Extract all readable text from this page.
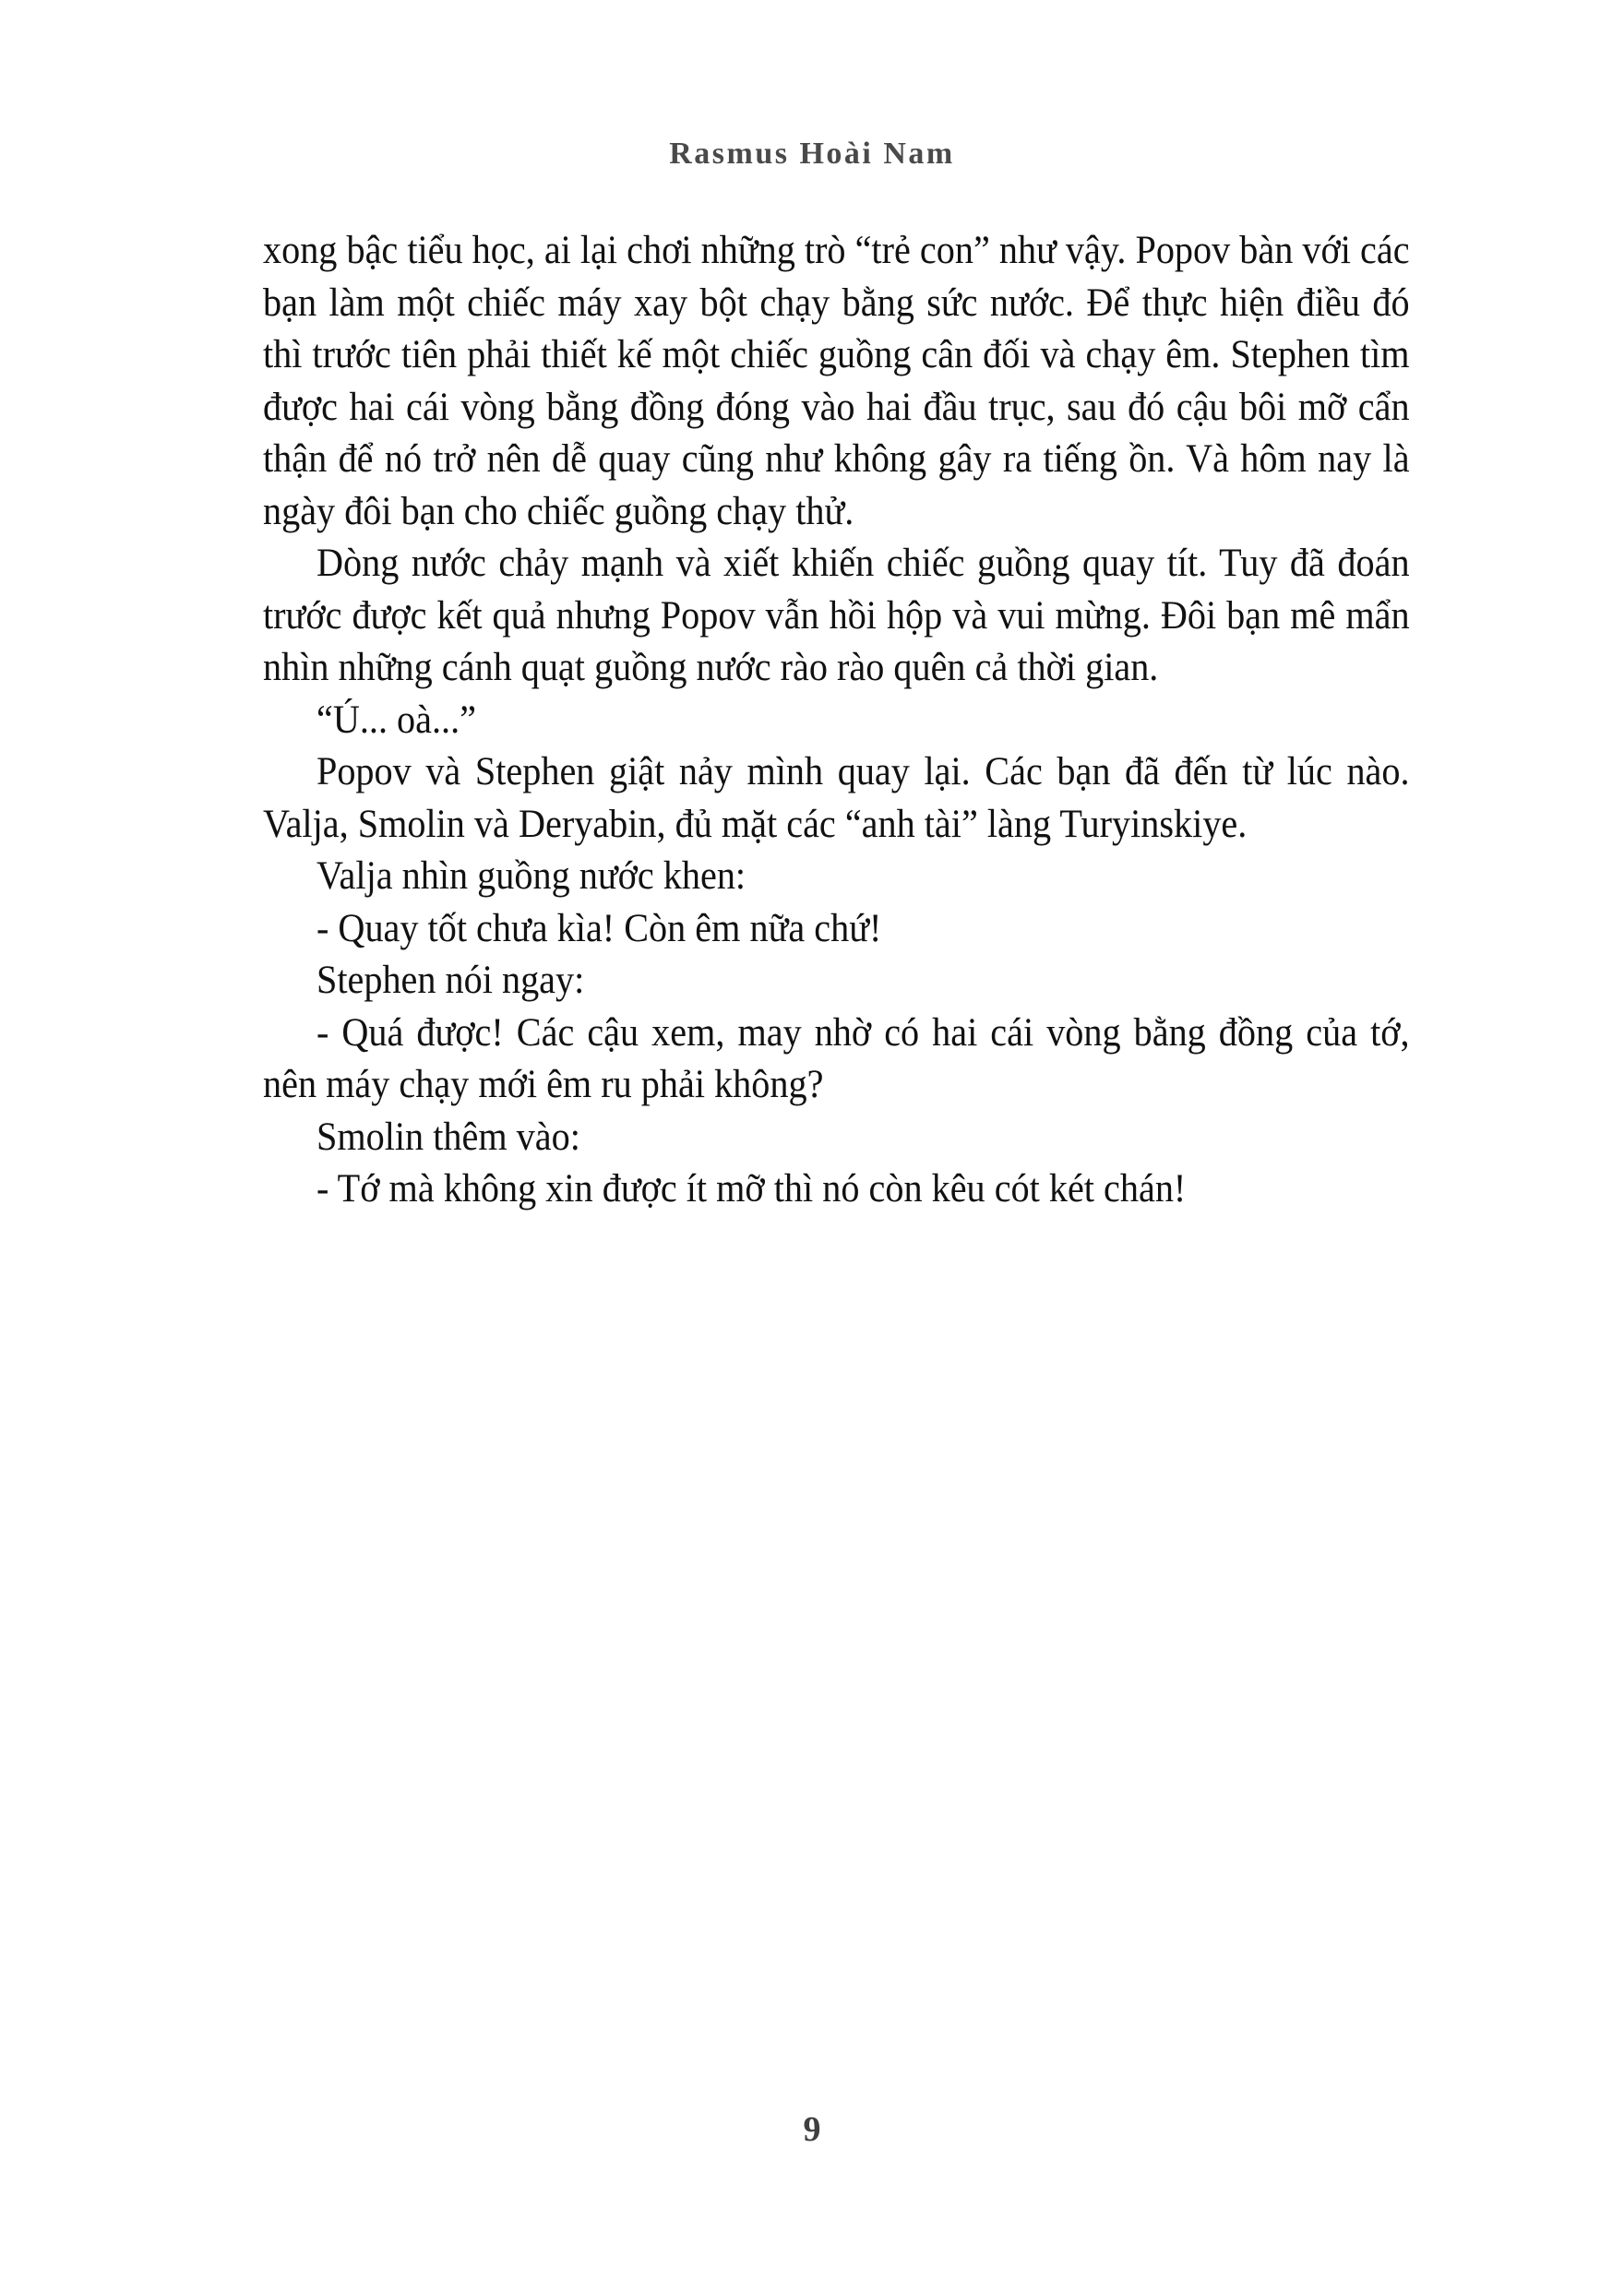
Rasmus Hoài Nam

xong bậc tiểu học, ai lại chơi những trò “trẻ con” như vậy. Popov bàn với các bạn làm một chiếc máy xay bột chạy bằng sức nước. Để thực hiện điều đó thì trước tiên phải thiết kế một chiếc guồng cân đối và chạy êm. Stephen tìm được hai cái vòng bằng đồng đóng vào hai đầu trục, sau đó cậu bôi mỡ cẩn thận để nó trở nên dễ quay cũng như không gây ra tiếng ồn. Và hôm nay là ngày đôi bạn cho chiếc guồng chạy thử.

Dòng nước chảy mạnh và xiết khiến chiếc guồng quay tít. Tuy đã đoán trước được kết quả nhưng Popov vẫn hồi hộp và vui mừng. Đôi bạn mê mẩn nhìn những cánh quạt guồng nước rào rào quên cả thời gian.

“Ú... oà...”

Popov và Stephen giật nảy mình quay lại. Các bạn đã đến từ lúc nào. Valja, Smolin và Deryabin, đủ mặt các “anh tài” làng Turyinskiye.

Valja nhìn guồng nước khen:

- Quay tốt chưa kìa! Còn êm nữa chứ!

Stephen nói ngay:

- Quá được! Các cậu xem, may nhờ có hai cái vòng bằng đồng của tớ, nên máy chạy mới êm ru phải không?

Smolin thêm vào:

- Tớ mà không xin được ít mỡ thì nó còn kêu cót két chán!

9
